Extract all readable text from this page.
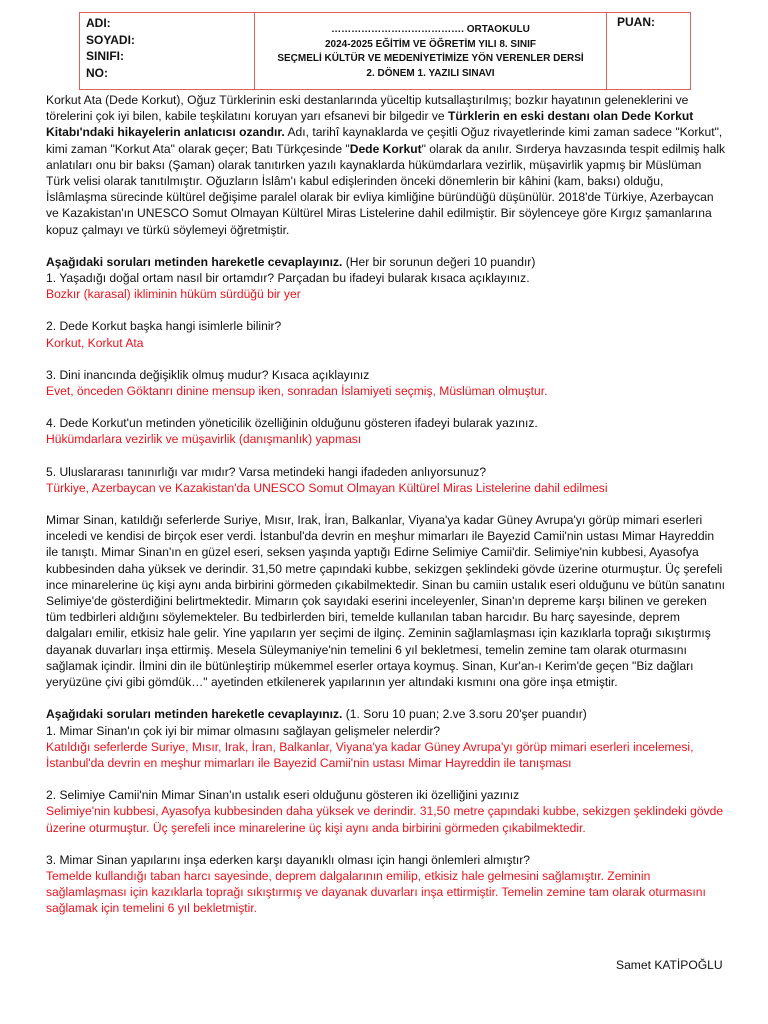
ADI:
SOYADI:
SINIFI:
NO:
…………………………………. ORTAOKULU
2024-2025 EĞİTİM VE ÖĞRETİM YILI 8. SINIF
SEÇMELİ KÜLTÜR VE MEDENİYETİMİZE YÖN VERENLER DERSİ
2. DÖNEM 1. YAZILI SINAVI
PUAN:

Korkut Ata (Dede Korkut), Oğuz Türklerinin eski destanlarında yüceltip kutsallaştırılmış; bozkır hayatının geleneklerini ve törelerini çok iyi bilen, kabile teşkilatını koruyan yarı efsanevi bir bilgedir ve Türklerin en eski destanı olan Dede Korkut Kitabı'ndaki hikayelerin anlatıcısı ozandır. Adı, tarihî kaynaklarda ve çeşitli Oğuz rivayetlerinde kimi zaman sadece "Korkut", kimi zaman "Korkut Ata" olarak geçer; Batı Türkçesinde "Dede Korkut" olarak da anılır. Sırderya havzasında tespit edilmiş halk anlatıları onu bir baksı (Şaman) olarak tanıtırken yazılı kaynaklarda hükümdarlara vezirlik, müşavirlik yapmış bir Müslüman Türk velisi olarak tanıtılmıştır. Oğuzların İslâm'ı kabul edişlerinden önceki dönemlerin bir kâhini (kam, baksı) olduğu, İslâmlaşma sürecinde kültürel değişime paralel olarak bir evliya kimliğine büründüğü düşünülür. 2018'de Türkiye, Azerbaycan ve Kazakistan'ın UNESCO Somut Olmayan Kültürel Miras Listelerine dahil edilmiştir. Bir söylenceye göre Kırgız şamanlarına kopuz çalmayı ve türkü söylemeyi öğretmiştir.

Aşağıdaki soruları metinden hareketle cevaplayınız. (Her bir sorunun değeri 10 puandır)

1. Yaşadığı doğal ortam nasıl bir ortamdır? Parçadan bu ifadeyi bularak kısaca açıklayınız.

Bozkır (karasal) ikliminin hüküm sürdüğü bir yer

2. Dede Korkut başka hangi isimlerle bilinir?

Korkut, Korkut Ata

3. Dini inancında değişiklik olmuş mudur? Kısaca açıklayınız

Evet, önceden Göktanrı dinine mensup iken, sonradan İslamiyeti seçmiş, Müslüman olmuştur.

4. Dede Korkut'un metinden yöneticilik özelliğinin olduğunu gösteren ifadeyi bularak yazınız.

Hükümdarlara vezirlik ve müşavirlik (danışmanlık) yapması

5. Uluslararası tanınırlığı var mıdır? Varsa metindeki hangi ifadeden anlıyorsunuz?

Türkiye, Azerbaycan ve Kazakistan'da UNESCO Somut Olmayan Kültürel Miras Listelerine dahil edilmesi

Mimar Sinan, katıldığı seferlerde Suriye, Mısır, Irak, İran, Balkanlar, Viyana'ya kadar Güney Avrupa'yı görüp mimari eserleri inceledi ve kendisi de birçok eser verdi. İstanbul'da devrin en meşhur mimarları ile Bayezid Camii'nin ustası Mimar Hayreddin ile tanıştı. Mimar Sinan'ın en güzel eseri, seksen yaşında yaptığı Edirne Selimiye Camii'dir. Selimiye'nin kubbesi, Ayasofya kubbesinden daha yüksek ve derindir. 31,50 metre çapındaki kubbe, sekizgen şeklindeki gövde üzerine oturmuştur. Üç şerefeli ince minarelerine üç kişi aynı anda birbirini görmeden çıkabilmektedir. Sinan bu camiin ustalık eseri olduğunu ve bütün sanatını Selimiye'de gösterdiğini belirtmektedir. Mimarın çok sayıdaki eserini inceleyenler, Sinan'ın depreme karşı bilinen ve gereken tüm tedbirleri aldığını söylemekteler. Bu tedbirlerden biri, temelde kullanılan taban harcıdır. Bu harç sayesinde, deprem dalgaları emilir, etkisiz hale gelir. Yine yapıların yer seçimi de ilginç. Zeminin sağlamlaşması için kazıklarla toprağı sıkıştırmış dayanak duvarları inşa ettirmiş. Mesela Süleymaniye'nin temelini 6 yıl bekletmesi, temelin zemine tam olarak oturmasını sağlamak içindir. İlmini din ile bütünleştirip mükemmel eserler ortaya koymuş. Sinan, Kur'an-ı Kerim'de geçen "Biz dağları yeryüzüne çivi gibi gömdük…" ayetinden etkilenerek yapılarının yer altındaki kısmını ona göre inşa etmiştir.

Aşağıdaki soruları metinden hareketle cevaplayınız. (1. Soru 10 puan; 2.ve 3.soru 20'şer puandır)

1. Mimar Sinan'ın çok iyi bir mimar olmasını sağlayan gelişmeler nelerdir?

Katıldığı seferlerde Suriye, Mısır, Irak, İran, Balkanlar, Viyana'ya kadar Güney Avrupa'yı görüp mimari eserleri incelemesi, İstanbul'da devrin en meşhur mimarları ile Bayezid Camii'nin ustası Mimar Hayreddin ile tanışması

2. Selimiye Camii'nin Mimar Sinan'ın ustalık eseri olduğunu gösteren iki özelliğini yazınız

Selimiye'nin kubbesi, Ayasofya kubbesinden daha yüksek ve derindir. 31,50 metre çapındaki kubbe, sekizgen şeklindeki gövde üzerine oturmuştur. Üç şerefeli ince minarelerine üç kişi aynı anda birbirini görmeden çıkabilmektedir.

3. Mimar Sinan yapılarını inşa ederken karşı dayanıklı olması için hangi önlemleri almıştır?

Temelde kullandığı taban harcı sayesinde, deprem dalgalarının emilip, etkisiz hale gelmesini sağlamıştır. Zeminin sağlamlaşması için kazıklarla toprağı sıkıştırmış ve dayanak duvarları inşa ettirmiştir. Temelin zemine tam olarak oturmasını sağlamak için temelini 6 yıl bekletmiştir.

Samet KATİPOĞLU
